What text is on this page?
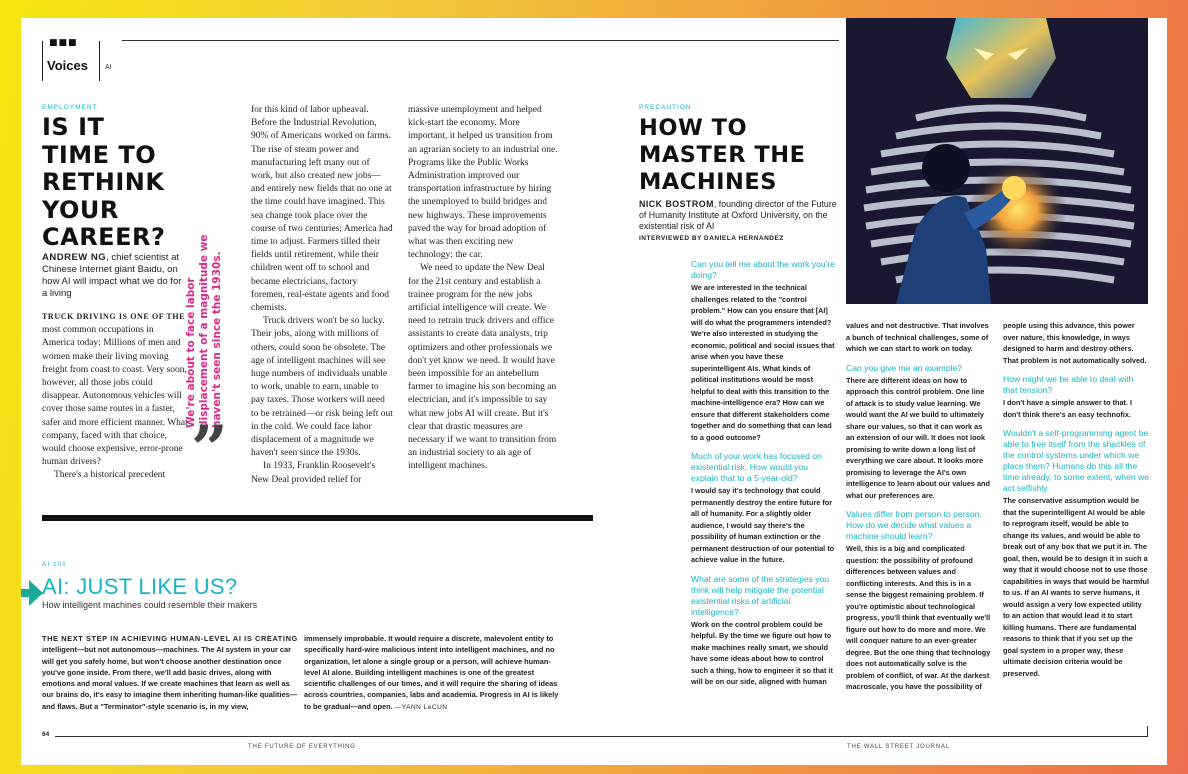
■■■
Voices AI
EMPLOYMENT
IS IT
TIME TO
RETHINK
YOUR
CAREER?
ANDREW NG, chief scientist at Chinese Internet giant Baidu, on how AI will impact what we do for a living

TRUCK DRIVING IS ONE OF THE most common occupations in America today: Millions of men and women make their living moving freight from coast to coast. Very soon, however, all those jobs could disappear. Autonomous vehicles will cover those same routes in a faster, safer and more efficient manner. What company, faced with that choice, would choose expensive, error-prone human drivers?

There's a historical precedent

We're about to face labor displacement of a magnitude we haven't seen since the 1930s.
”

for this kind of labor upheaval. Before the Industrial Revolution, 90% of Americans worked on farms. The rise of steam power and manufacturing left many out of work, but also created new jobs—and entirely new fields that no one at the time could have imagined. This sea change took place over the course of two centuries; America had time to adjust. Farmers tilled their fields until retirement, while their children went off to school and became electricians, factory foremen, real-estate agents and food chemists.

Truck drivers won't be so lucky. Their jobs, along with millions of others, could soon be obsolete. The age of intelligent machines will see huge numbers of individuals unable to work, unable to earn, unable to pay taxes. Those workers will need to be retrained—or risk being left out in the cold. We could face labor displacement of a magnitude we haven't seen since the 1930s.

In 1933, Franklin Roosevelt's New Deal provided relief for

massive unemployment and helped kick-start the economy. More important, it helped us transition from an agrarian society to an industrial one. Programs like the Public Works Administration improved our transportation infrastructure by hiring the unemployed to build bridges and new highways. These improvements paved the way for broad adoption of what was then exciting new technology: the car.

We need to update the New Deal for the 21st century and establish a trainee program for the new jobs artificial intelligence will create. We need to retrain truck drivers and office assistants to create data analysts, trip optimizers and other professionals we don't yet know we need. It would have been impossible for an antebellum farmer to imagine his son becoming an electrician, and it's impossible to say what new jobs AI will create. But it's clear that drastic measures are necessary if we want to transition from an industrial society to an age of intelligent machines.

AI 101
AI: JUST LIKE US?
How intelligent machines could resemble their makers

THE NEXT STEP IN ACHIEVING HUMAN-LEVEL AI IS CREATING intelligent—but not autonomous—machines. The AI system in your car will get you safely home, but won't choose another destination once you've gone inside. From there, we'll add basic drives, along with emotions and moral values. If we create machines that learn as well as our brains do, it's easy to imagine them inheriting human-like qualities—and flaws. But a "Terminator"-style scenario is, in my view,

immensely improbable. It would require a discrete, malevolent entity to specifically hard-wire malicious intent into intelligent machines, and no organization, let alone a single group or a person, will achieve human-level AI alone. Building intelligent machines is one of the greatest scientific challenges of our times, and it will require the sharing of ideas across countries, companies, labs and academia. Progress in AI is likely to be gradual—and open. —YANN LeCUN

64
THE FUTURE OF EVERYTHING
PRECAUTION
HOW TO
MASTER THE
MACHINES
NICK BOSTROM, founding director of the Future of Humanity Institute at Oxford University, on the existential risk of AI
INTERVIEWED BY DANIELA HERNANDEZ
Can you tell me about the work you're doing?
We are interested in the technical challenges related to the "control problem." How can you ensure that [AI] will do what the programmers intended? We're also interested in studying the economic, political and social issues that arise when you have these superintelligent AIs. What kinds of political institutions would be most helpful to deal with this transition to the machine-intelligence era? How can we ensure that different stakeholders come together and do something that can lead to a good outcome?
Much of your work has focused on existential risk. How would you explain that to a 5-year-old?
I would say it's technology that could permanently destroy the entire future for all of humanity. For a slightly older audience, I would say there's the possibility of human extinction or the permanent destruction of our potential to achieve value in the future.
What are some of the strategies you think will help mitigate the potential existential risks of artificial intelligence?
Work on the control problem could be helpful. By the time we figure out how to make machines really smart, we should have some ideas about how to control such a thing, how to engineer it so that it will be on our side, aligned with human
values and not destructive. That involves a bunch of technical challenges, some of which we can start to work on today.
Can you give me an example?
There are different ideas on how to approach this control problem. One line of attack is to study value learning. We would want the AI we build to ultimately share our values, so that it can work as an extension of our will. It does not look promising to write down a long list of everything we care about. It looks more promising to leverage the AI's own intelligence to learn about our values and what our preferences are.
Values differ from person to person. How do we decide what values a machine should learn?
Well, this is a big and complicated question: the possibility of profound differences between values and conflicting interests. And this is in a sense the biggest remaining problem. If you're optimistic about technological progress, you'll think that eventually we'll figure out how to do more and more. We will conquer nature to an ever-greater degree. But the one thing that technology does not automatically solve is the problem of conflict, of war. At the darkest macroscale, you have the possibility of
people using this advance, this power over nature, this knowledge, in ways designed to harm and destroy others. That problem is not automatically solved.
How might we be able to deal with that tension?
I don't have a simple answer to that. I don't think there's an easy technofix.
Wouldn't a self-programming agent be able to free itself from the shackles of the control systems under which we place them? Humans do this all the time already, to some extent, when we act selfishly.
The conservative assumption would be that the superintelligent AI would be able to reprogram itself, would be able to change its values, and would be able to break out of any box that we put it in. The goal, then, would be to design it in such a way that it would choose not to use those capabilities in ways that would be harmful to us. If an AI wants to serve humans, it would assign a very low expected utility to an action that would lead it to start killing humans. There are fundamental reasons to think that if you set up the goal system in a proper way, these ultimate decision criteria would be preserved.
THE WALL STREET JOURNAL
